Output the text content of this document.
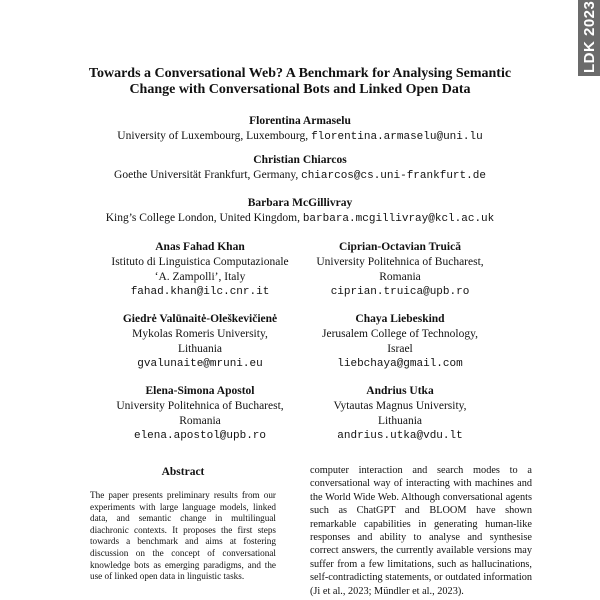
LDK 2023
Towards a Conversational Web? A Benchmark for Analysing Semantic
Change with Conversational Bots and Linked Open Data
Florentina Armaselu
University of Luxembourg, Luxembourg, florentina.armaselu@uni.lu
Christian Chiarcos
Goethe Universität Frankfurt, Germany, chiarcos@cs.uni-frankfurt.de
Barbara McGillivray
King’s College London, United Kingdom, barbara.mcgillivray@kcl.ac.uk
Anas Fahad Khan
Istituto di Linguistica Computazionale
‘A. Zampolli’, Italy
fahad.khan@ilc.cnr.it
Ciprian-Octavian Truică
University Politehnica of Bucharest,
Romania
ciprian.truica@upb.ro
Giedrė Valūnaitė-Oleškevičienė
Mykolas Romeris University,
Lithuania
gvalunaite@mruni.eu
Chaya Liebeskind
Jerusalem College of Technology,
Israel
liebchaya@gmail.com
Elena-Simona Apostol
University Politehnica of Bucharest,
Romania
elena.apostol@upb.ro
Andrius Utka
Vytautas Magnus University,
Lithuania
andrius.utka@vdu.lt
Abstract
The paper presents preliminary results from our experiments with large language models, linked data, and semantic change in multilingual diachronic contexts. It proposes the first steps towards a benchmark and aims at fostering discussion on the concept of conversational knowledge bots as emerging paradigms, and the use of linked open data in linguistic tasks.
computer interaction and search modes to a conversational way of interacting with machines and the World Wide Web. Although conversational agents such as ChatGPT and BLOOM have shown remarkable capabilities in generating human-like responses and ability to analyse and synthesise correct answers, the currently available versions may suffer from a few limitations, such as hallucinations, self-contradicting statements, or outdated information (Ji et al., 2023; Mündler et al., 2023).
